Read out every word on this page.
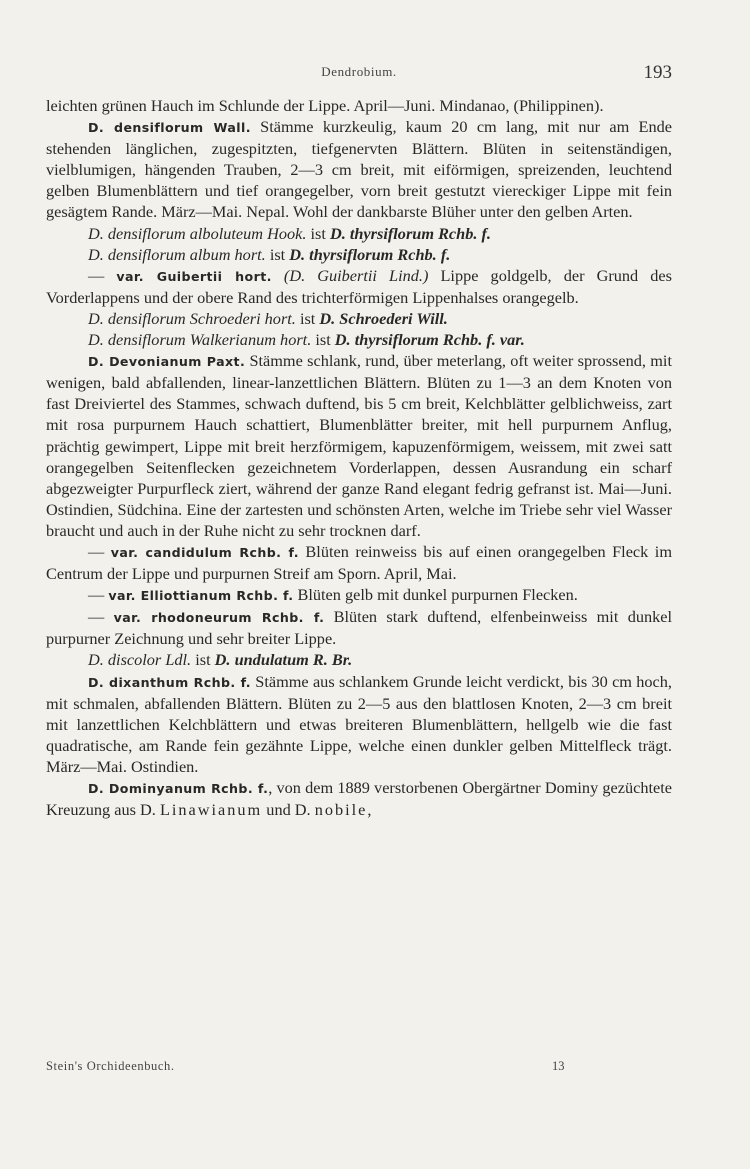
Dendrobium.	193

leichten grünen Hauch im Schlunde der Lippe. April—Juni. Mindanao, (Philippinen).

D. densiflorum Wall. Stämme kurzkeulig, kaum 20 cm lang, mit nur am Ende stehenden länglichen, zugespitzten, tiefgenervten Blättern. Blüten in seitenständigen, vielblumigen, hängenden Trauben, 2—3 cm breit, mit eiförmigen, spreizenden, leuchtend gelben Blumenblättern und tief orangegelber, vorn breit gestutzt viereckiger Lippe mit fein gesägtem Rande. März—Mai. Nepal. Wohl der dankbarste Blüher unter den gelben Arten.

D. densiflorum alboluteum Hook. ist D. thyrsiflorum Rchb. f.

D. densiflorum album hort. ist D. thyrsiflorum Rchb. f.

— var. Guibertii hort. (D. Guibertii Lind.) Lippe goldgelb, der Grund des Vorderlappens und der obere Rand des trichterförmigen Lippenhalses orangegelb.

D. densiflorum Schroederi hort. ist D. Schroederi Will.

D. densiflorum Walkerianum hort. ist D. thyrsiflorum Rchb. f. var.

D. Devonianum Paxt. Stämme schlank, rund, über meterlang, oft weiter sprossend, mit wenigen, bald abfallenden, linear-lanzettlichen Blättern. Blüten zu 1—3 an dem Knoten von fast Dreiviertel des Stammes, schwach duftend, bis 5 cm breit, Kelchblätter gelblichweiss, zart mit rosa purpurnem Hauch schattiert, Blumenblätter breiter, mit hell purpurnem Anflug, prächtig gewimpert, Lippe mit breit herzförmigem, kapuzenförmigem, weissem, mit zwei satt orangegelben Seitenflecken gezeichnetem Vorderlappen, dessen Ausrandung ein scharf abgezweigter Purpurfleck ziert, während der ganze Rand elegant fedrig gefranst ist. Mai—Juni. Ostindien, Südchina. Eine der zartesten und schönsten Arten, welche im Triebe sehr viel Wasser braucht und auch in der Ruhe nicht zu sehr trocknen darf.

— var. candidulum Rchb. f. Blüten reinweiss bis auf einen orangegelben Fleck im Centrum der Lippe und purpurnen Streif am Sporn. April, Mai.

— var. Elliottianum Rchb. f. Blüten gelb mit dunkel purpurnen Flecken.

— var. rhodoneurum Rchb. f. Blüten stark duftend, elfenbeinweiss mit dunkel purpurner Zeichnung und sehr breiter Lippe.

D. discolor Ldl. ist D. undulatum R. Br.

D. dixanthum Rchb. f. Stämme aus schlankem Grunde leicht verdickt, bis 30 cm hoch, mit schmalen, abfallenden Blättern. Blüten zu 2—5 aus den blattlosen Knoten, 2—3 cm breit mit lanzettlichen Kelchblättern und etwas breiteren Blumenblättern, hellgelb wie die fast quadratische, am Rande fein gezähnte Lippe, welche einen dunkler gelben Mittelfleck trägt. März—Mai. Ostindien.

D. Dominyanum Rchb. f., von dem 1889 verstorbenen Obergärtner Dominy gezüchtete Kreuzung aus D. Linawianum und D. nobile,

Stein's Orchideenbuch.	13
